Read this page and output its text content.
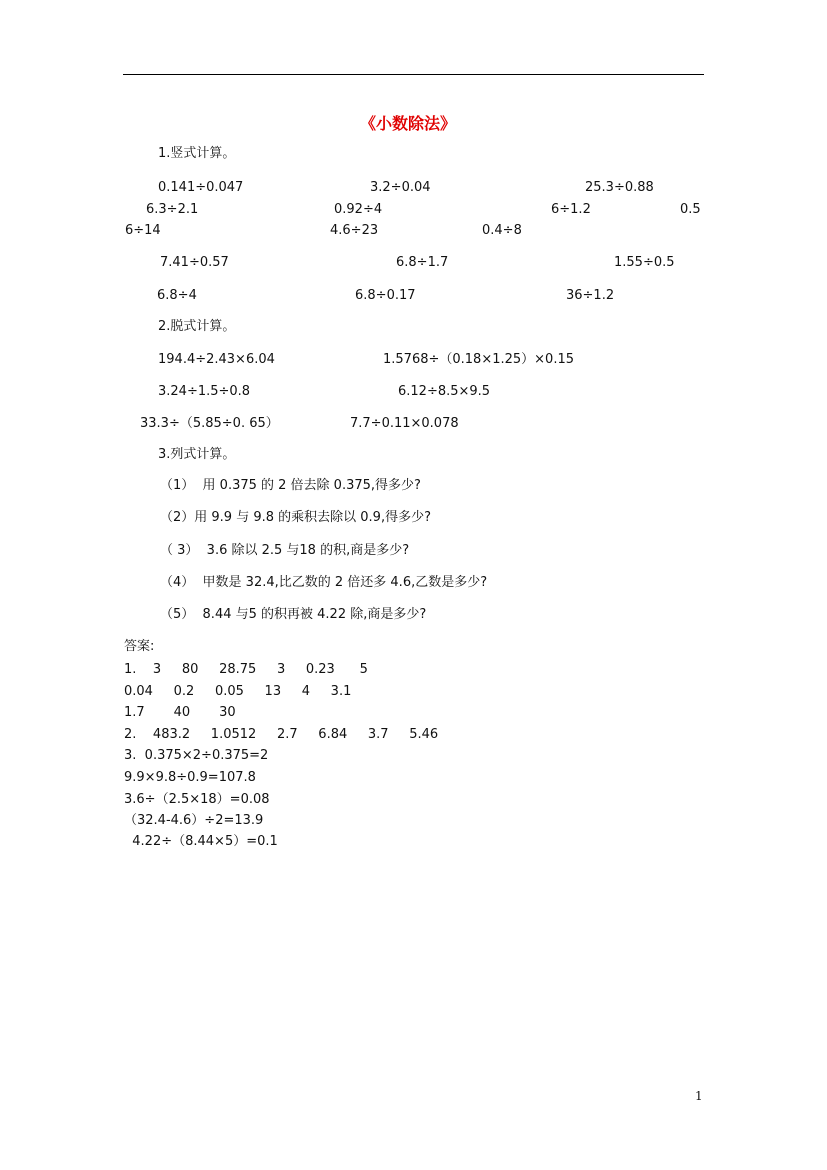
《小数除法》
1.竖式计算。
0.141÷0.047	3.2÷0.04	25.3÷0.88
6.3÷2.1	0.92÷4	6÷1.2	0.5
6÷14	4.6÷23	0.4÷8
7.41÷0.57	6.8÷1.7	1.55÷0.5
6.8÷4	6.8÷0.17	36÷1.2
2.脱式计算。
194.4÷2.43×6.04	1.5768÷（0.18×1.25）×0.15
3.24÷1.5÷0.8	6.12÷8.5×9.5
33.3÷（5.85÷0. 65）	7.7÷0.11×0.078
3.列式计算。
（1）  用 0.375 的 2 倍去除 0.375,得多少?
（2）用 9.9 与 9.8 的乘积去除以 0.9,得多少?
（ 3）  3.6 除以 2.5 与18 的积,商是多少?
（4）  甲数是 32.4,比乙数的 2 倍还多 4.6,乙数是多少?
（5）  8.44 与5 的积再被 4.22 除,商是多少?
答案:
1.    3     80     28.75     3     0.23      5
0.04     0.2     0.05     13     4     3.1
1.7       40       30
2.    483.2     1.0512     2.7     6.84     3.7     5.46
3.  0.375×2÷0.375=2
9.9×9.8÷0.9=107.8
3.6÷（2.5×18）=0.08
（32.4-4.6）÷2=13.9
4.22÷（8.44×5）=0.1
1
